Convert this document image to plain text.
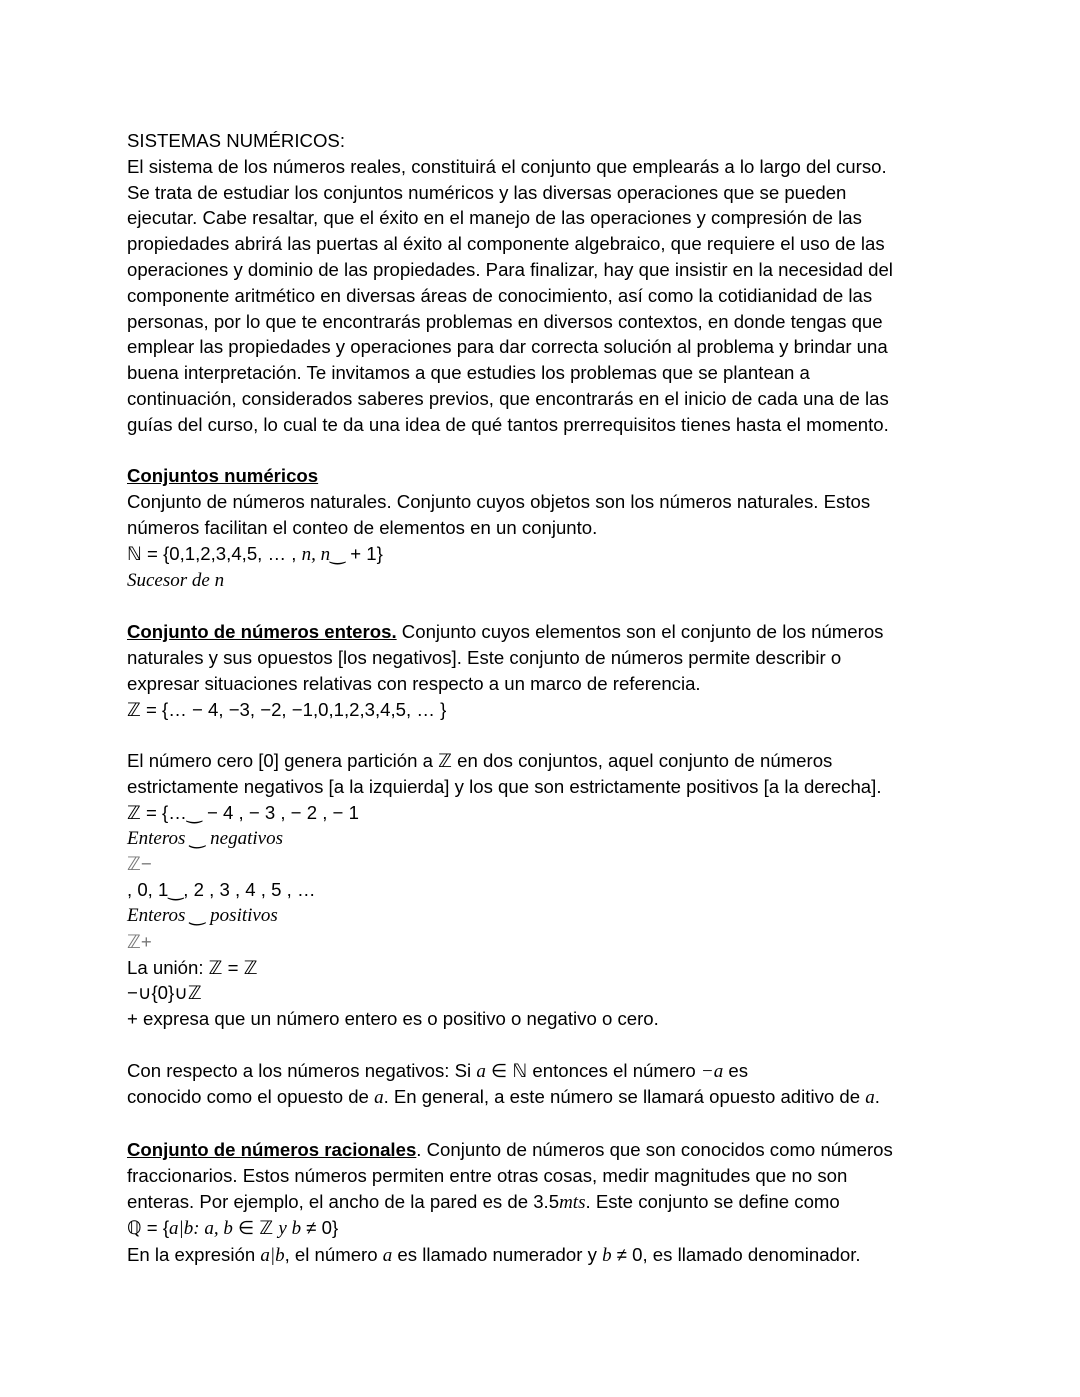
SISTEMAS NUMÉRICOS:
El sistema de los números reales, constituirá el conjunto que emplearás a lo largo del curso.
Se trata de estudiar los conjuntos numéricos y las diversas operaciones que se pueden
ejecutar. Cabe resaltar, que el éxito en el manejo de las operaciones y compresión de las
propiedades abrirá las puertas al éxito al componente algebraico, que requiere el uso de las
operaciones y dominio de las propiedades. Para finalizar, hay que insistir en la necesidad del
componente aritmético en diversas áreas de conocimiento, así como la cotidianidad de las
personas, por lo que te encontrarás problemas en diversos contextos, en donde tengas que
emplear las propiedades y operaciones para dar correcta solución al problema y brindar una
buena interpretación. Te invitamos a que estudies los problemas que se plantean a
continuación, considerados saberes previos, que encontrarás en el inicio de cada una de las
guías del curso, lo cual te da una idea de qué tantos prerrequisitos tienes hasta el momento.
Conjuntos numéricos
Conjunto de números naturales. Conjunto cuyos objetos son los números naturales. Estos
números facilitan el conteo de elementos en un conjunto.
ℕ = {0,1,2,3,4,5, … , n, n‿ + 1}
Sucesor de n
Conjunto de números enteros. Conjunto cuyos elementos son el conjunto de los números
naturales y sus opuestos [los negativos]. Este conjunto de números permite describir o
expresar situaciones relativas con respecto a un marco de referencia.
ℤ = {… − 4, −3, −2, −1,0,1,2,3,4,5, … }
El número cero [0] genera partición a ℤ en dos conjuntos, aquel conjunto de números
estrictamente negativos [a la izquierda] y los que son estrictamente positivos [a la derecha].
ℤ = {…‿ − 4 , − 3 , − 2 , − 1
Enteros ‿ negativos
ℤ−
, 0, 1‿, 2 , 3 , 4 , 5 , …
Enteros ‿ positivos
ℤ+
La unión: ℤ = ℤ
−∪{0}∪ℤ
+ expresa que un número entero es o positivo o negativo o cero.
Con respecto a los números negativos: Si a ∈ ℕ entonces el número −a es
conocido como el opuesto de a. En general, a este número se llamará opuesto aditivo de a.
Conjunto de números racionales. Conjunto de números que son conocidos como números
fraccionarios. Estos números permiten entre otras cosas, medir magnitudes que no son
enteras. Por ejemplo, el ancho de la pared es de 3.5mts. Este conjunto se define como
ℚ = {a|b: a, b ∈ ℤ y b ≠ 0}
En la expresión a|b, el número a es llamado numerador y b ≠ 0, es llamado denominador.
